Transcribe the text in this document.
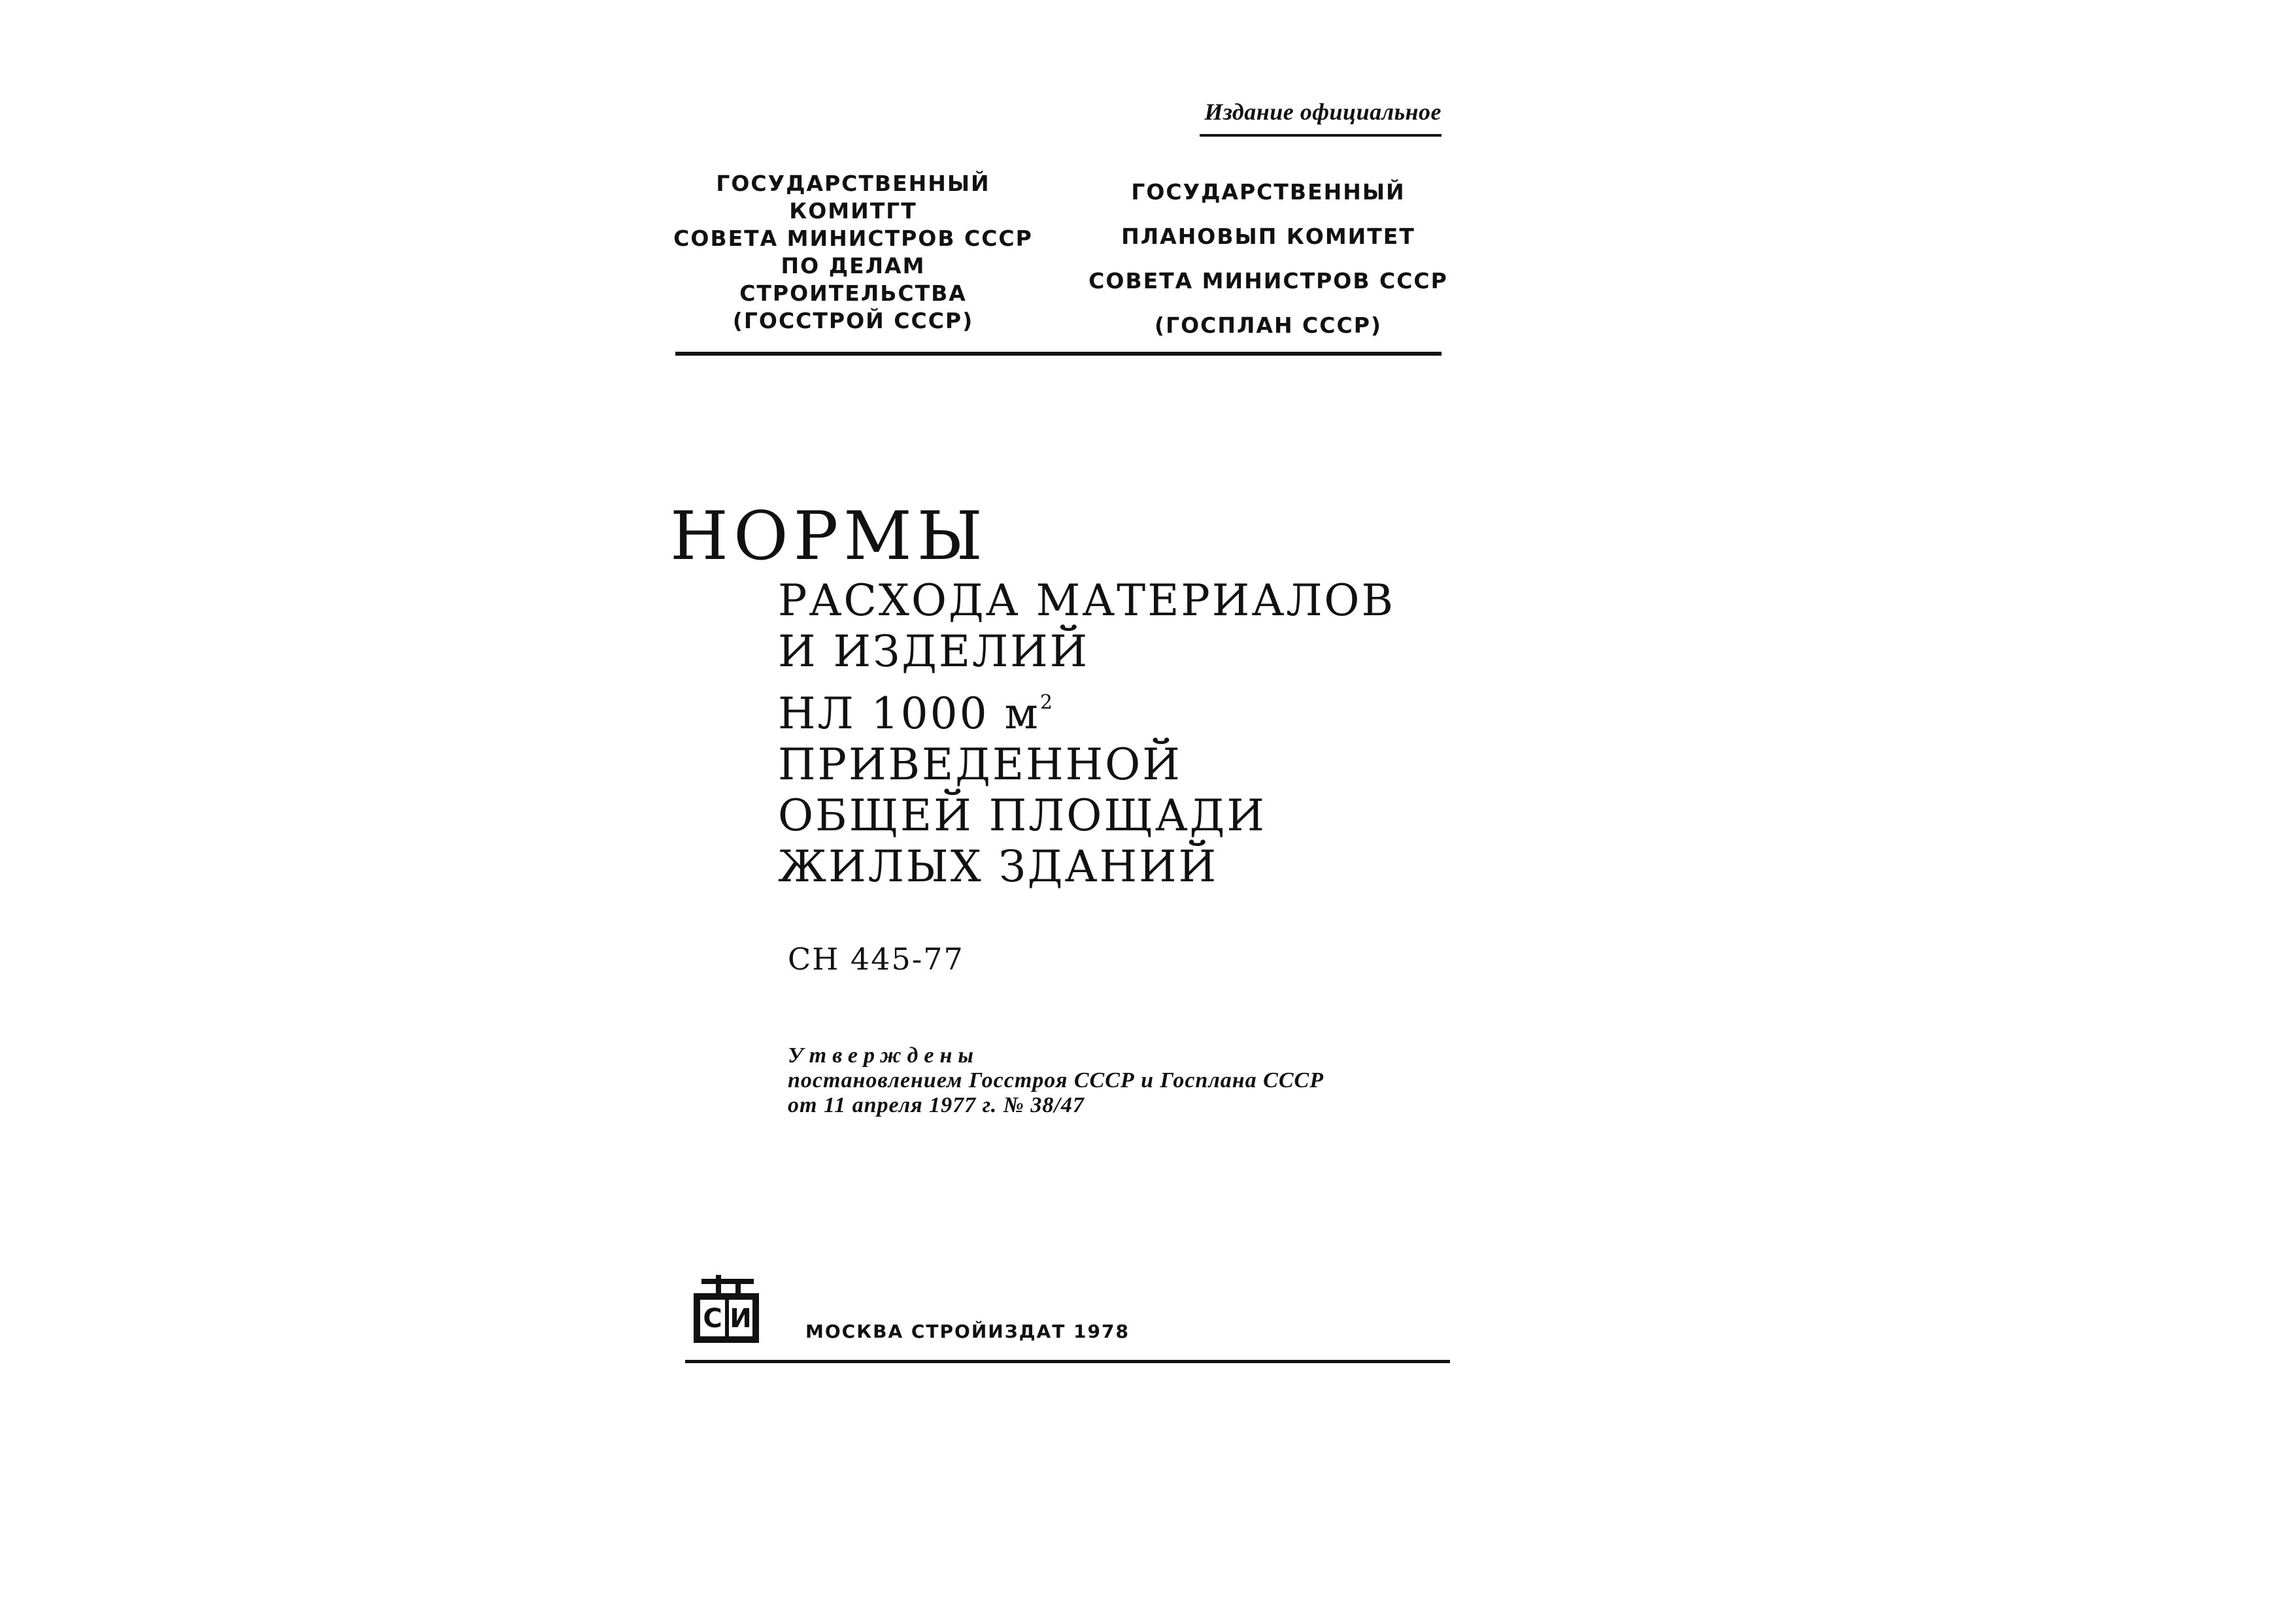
Издание официальное
ГОСУДАРСТВЕННЫЙ
КОМИТГТ
СОВЕТА МИНИСТРОВ СССР
ПО ДЕЛАМ
СТРОИТЕЛЬСТВА
(ГОССТРОЙ СССР)
ГОСУДАРСТВЕННЫЙ
ПЛАНОВЫП КОМИТЕТ
СОВЕТА МИНИСТРОВ СССР
(ГОСПЛАН СССР)
НОРМЫ
РАСХОДА МАТЕРИАЛОВ
И ИЗДЕЛИЙ
НЛ 1000 $м^2$
ПРИВЕДЕННОЙ
ОБЩЕЙ ПЛОЩАДИ
ЖИЛЫХ ЗДАНИЙ
СН 445-77
Утверждены
постановлением Госстроя СССР и Госплана СССР
от 11 апреля 1977 г. № 38/47
С И	МОСКВА СТРОЙИЗДАТ 1978
